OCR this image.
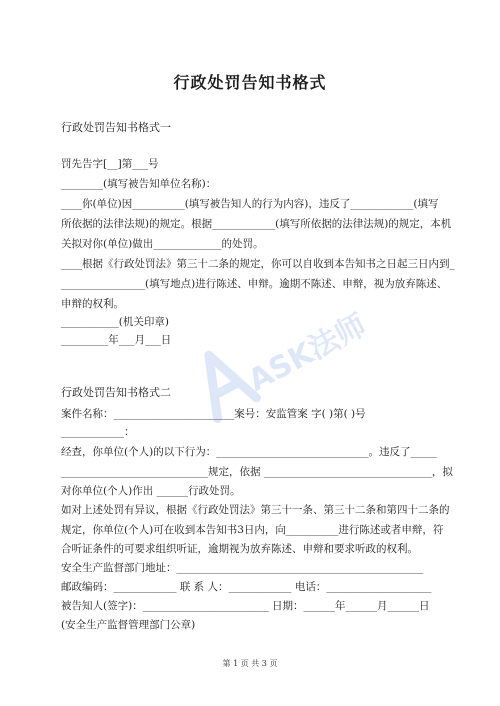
行政处罚告知书格式
行政处罚告知书格式一
罚先告字[__]第___号
________(填写被告知单位名称)：
____你(单位)因__________(填写被告知人的行为内容)，违反了____________(填写
所依据的法律法规)的规定。根据____________(填写所依据的法律法规)的规定，本机
关拟对你(单位)做出_____________的处罚。
____根据《行政处罚法》第三十二条的规定，你可以自收到本告知书之日起三日内到_
________________(填写地点)进行陈述、申辩。逾期不陈述、申辩，视为放弃陈述、
申辩的权利。
___________(机关印章)
_________年___月___日
行政处罚告知书格式二
案件名称：_______________________案号：安监管案 字( )第( )号
____________：
经查，你单位(个人)的以下行为：_____________________________。违反了_____
____________________________规定，依据 ________________________________，拟
对你单位(个人)作出 ______行政处罚。
如对上述处罚有异议，根据《行政处罚法》第三十一条、第三十二条和第四十二条的
规定，你单位(个人)可在收到本告知书3日内，向__________进行陈述或者申辩，符
合听证条件的可要求组织听证，逾期视为放弃陈述、申辩和要求听政的权利。
安全生产监督部门地址：_______________________________________________
邮政编码：____________ 联 系 人：____________ 电话：____________________
被告知人(签字)：________________________ 日期：______年______月______日
(安全生产监督管理部门公章)
第 1 页 共 3 页
ASK法师
